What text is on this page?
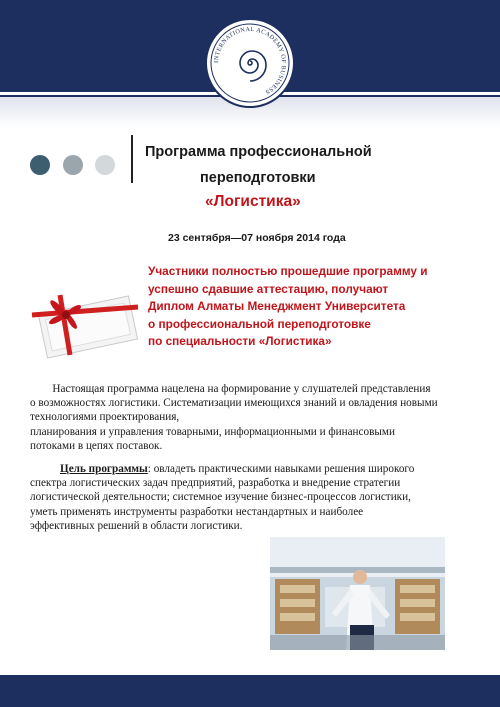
INTERNATIONAL ACADEMY OF BUSINESS
Программа профессиональной
переподготовки
«Логистика»
23 сентября—07 ноября 2014 года
Участники полностью прошедшие программу и
успешно сдавшие аттестацию, получают
Диплом Алматы Менеджмент Университета
о профессиональной переподготовке
по специальности «Логистика»
Настоящая программа нацелена на формирование у слушателей представления
о возможностях логистики. Систематизации имеющихся знаний и овладения новыми
технологиями проектирования,
планирования и управления товарными, информационными и финансовыми
потоками в цепях поставок.
Цель программы: овладеть практическими навыками решения широкого
спектра логистических задач предприятий, разработка и внедрение стратегии
логистической деятельности; системное изучение бизнес-процессов логистики,
уметь применять инструменты разработки нестандартных и наиболее
эффективных решений в области логистики.
